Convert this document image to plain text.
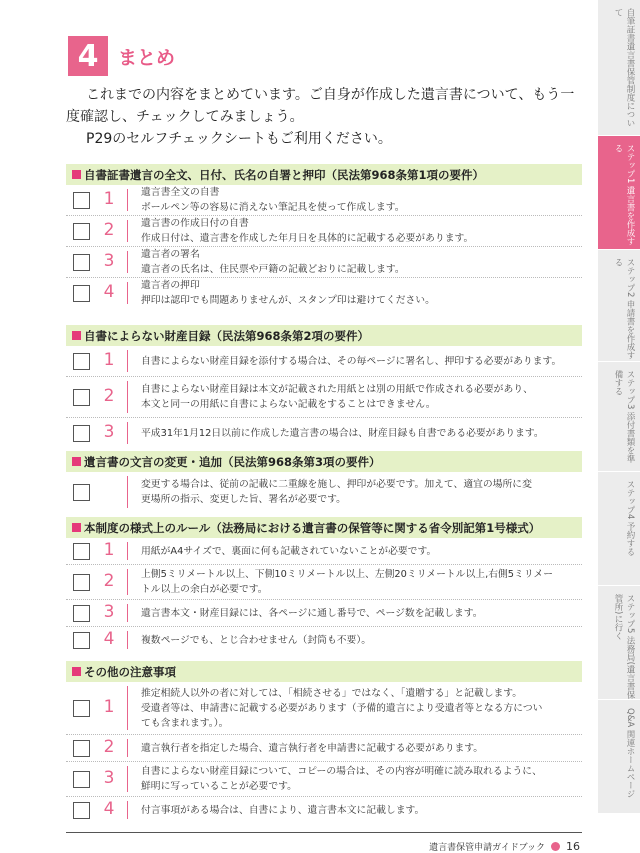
4	まとめ

これまでの内容をまとめています。ご自身が作成した遺言書について、もう一度確認し、チェックしてみましょう。

P29のセルフチェックシートもご利用ください。

自書証書遺言の全文、日付、氏名の自署と押印（民法第968条第1項の要件）
1	遺言書全文の自書
ボールペン等の容易に消えない筆記具を使って作成します。
2	遺言書の作成日付の自書
作成日付は、遺言書を作成した年月日を具体的に記載する必要があります。
3	遺言者の署名
遺言者の氏名は、住民票や戸籍の記載どおりに記載します。
4	遺言者の押印
押印は認印でも問題ありませんが、スタンプ印は避けてください。
自書によらない財産目録（民法第968条第2項の要件）
1	自書によらない財産目録を添付する場合は、その毎ページに署名し、押印する必要があります。
2	自書によらない財産目録は本文が記載された用紙とは別の用紙で作成される必要があり、
本文と同一の用紙に自書によらない記載をすることはできません。
3	平成31年1月12日以前に作成した遺言書の場合は、財産目録も自書である必要があります。
遺言書の文言の変更・追加（民法第968条第3項の要件）
変更する場合は、従前の記載に二重線を施し、押印が必要です。加えて、適宜の場所に変
更場所の指示、変更した旨、署名が必要です。
本制度の様式上のルール（法務局における遺言書の保管等に関する省令別記第1号様式）
1	用紙がA4サイズで、裏面に何も記載されていないことが必要です。
2	上側5ミリメートル以上、下側10ミリメートル以上、左側20ミリメートル以上,右側5ミリメー
トル以上の余白が必要です。
3	遺言書本文・財産目録には、各ページに通し番号で、ページ数を記載します。
4	複数ページでも、とじ合わせません（封筒も不要）。
その他の注意事項
1
推定相続人以外の者に対しては、「相続させる」ではなく、「遺贈する」と記載します。
受遺者等は、申請書に記載する必要があります（予備的遺言により受遺者等となる方につい
ても含まれます。）。
2	遺言執行者を指定した場合、遺言執行者を申請書に記載する必要があります。
3	自書によらない財産目録について、コピーの場合は、その内容が明確に読み取れるように、
鮮明に写っていることが必要です。
4	付言事項がある場合は、自書により、遺言書本文に記載します。
自筆証書遺言書保管制度について
ステップ1 遺言書を作成する
ステップ2 申請書を作成する
ステップ3 添付書類を準備する
ステップ4 予約する
ステップ5 法務局(遺言書保管所)に行く
Q&A 関連ホームページ
遺言書保管申請ガイドブック 16
